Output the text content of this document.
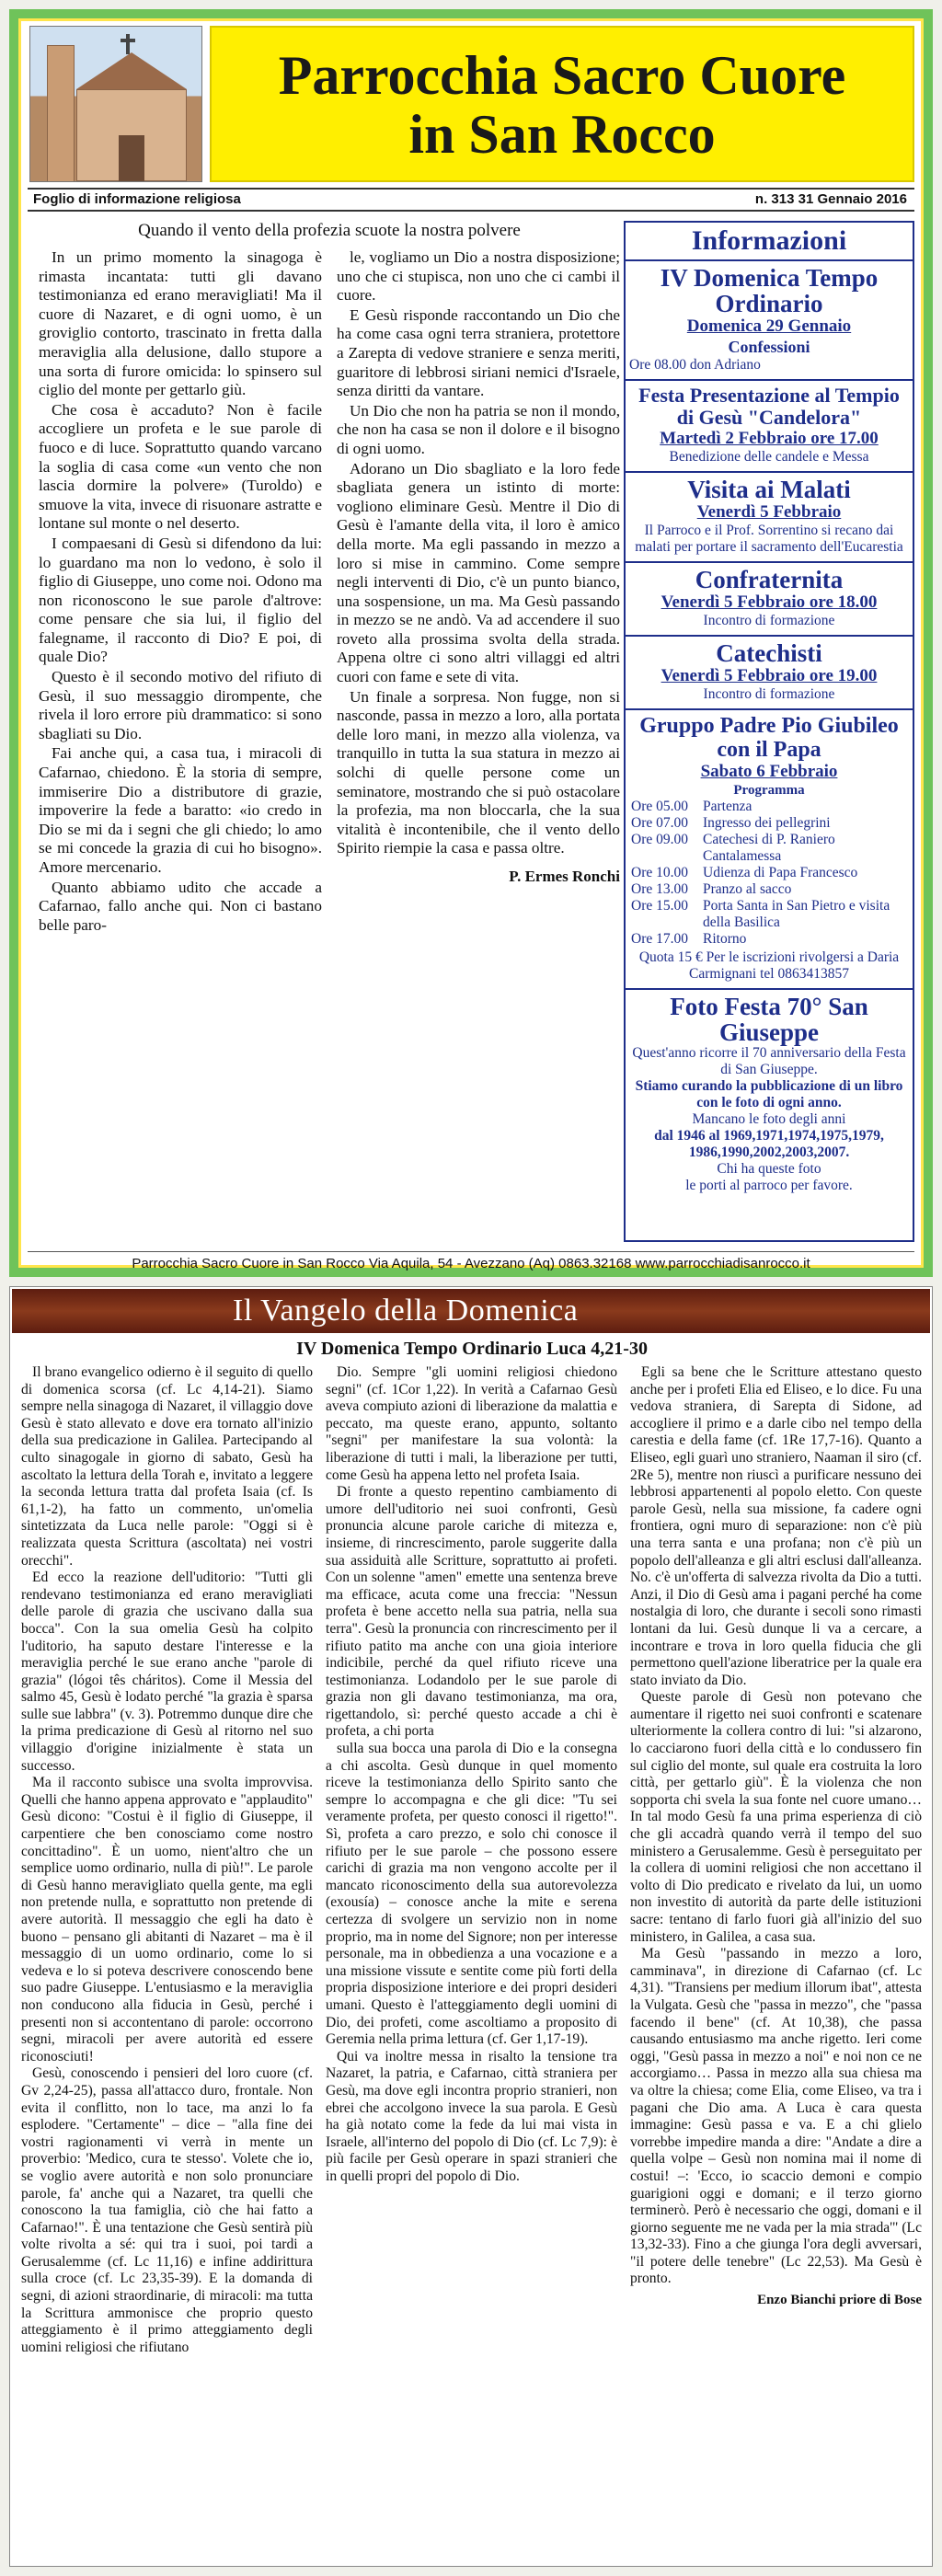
Parrocchia Sacro Cuore
in San Rocco
Foglio di informazione religiosa	n. 313 31 Gennaio 2016
Quando il vento della profezia scuote la nostra polvere

In un primo momento la sinagoga è rimasta incantata: tutti gli davano testimonianza ed erano meravigliati! Ma il cuore di Nazaret, e di ogni uomo, è un groviglio contorto, trascinato in fretta dalla meraviglia alla delusione, dallo stupore a una sorta di furore omicida: lo spinsero sul ciglio del monte per gettarlo giù.

Che cosa è accaduto? Non è facile accogliere un profeta e le sue parole di fuoco e di luce. Soprattutto quando varcano la soglia di casa come «un vento che non lascia dormire la polvere» (Turoldo) e smuove la vita, invece di risuonare astratte e lontane sul monte o nel deserto.

I compaesani di Gesù si difendono da lui: lo guardano ma non lo vedono, è solo il figlio di Giuseppe, uno come noi. Odono ma non riconoscono le sue parole d'altrove: come pensare che sia lui, il figlio del falegname, il racconto di Dio? E poi, di quale Dio?

Questo è il secondo motivo del rifiuto di Gesù, il suo messaggio dirompente, che rivela il loro errore più drammatico: si sono sbagliati su Dio.

Fai anche qui, a casa tua, i miracoli di Cafarnao, chiedono. È la storia di sempre, immiserire Dio a distributore di grazie, impoverire la fede a baratto: «io credo in Dio se mi da i segni che gli chiedo; lo amo se mi concede la grazia di cui ho bisogno». Amore mercenario.

Quanto abbiamo udito che accade a Cafarnao, fallo anche qui. Non ci bastano belle paro-

le, vogliamo un Dio a nostra disposizione; uno che ci stupisca, non uno che ci cambi il cuore.

E Gesù risponde raccontando un Dio che ha come casa ogni terra straniera, protettore a Zarepta di vedove straniere e senza meriti, guaritore di lebbrosi siriani nemici d'Israele, senza diritti da vantare.

Un Dio che non ha patria se non il mondo, che non ha casa se non il dolore e il bisogno di ogni uomo.

Adorano un Dio sbagliato e la loro fede sbagliata genera un istinto di morte: vogliono eliminare Gesù. Mentre il Dio di Gesù è l'amante della vita, il loro è amico della morte. Ma egli passando in mezzo a loro si mise in cammino. Come sempre negli interventi di Dio, c'è un punto bianco, una sospensione, un ma. Ma Gesù passando in mezzo se ne andò. Va ad accendere il suo roveto alla prossima svolta della strada. Appena oltre ci sono altri villaggi ed altri cuori con fame e sete di vita.

Un finale a sorpresa. Non fugge, non si nasconde, passa in mezzo a loro, alla portata delle loro mani, in mezzo alla violenza, va tranquillo in tutta la sua statura in mezzo ai solchi di quelle persone come un seminatore, mostrando che si può ostacolare la profezia, ma non bloccarla, che la sua vitalità è incontenibile, che il vento dello Spirito riempie la casa e passa oltre.

P. Ermes Ronchi
Informazioni
IV Domenica Tempo Ordinario
Domenica 29 Gennaio
Confessioni
Ore 08.00 don Adriano
Festa Presentazione al Tempio di Gesù "Candelora"
Martedì 2 Febbraio ore 17.00
Benedizione delle candele e Messa
Visita ai Malati
Venerdì 5 Febbraio
Il Parroco e il Prof. Sorrentino si recano dai malati per portare il sacramento dell'Eucarestia
Confraternita
Venerdì 5 Febbraio ore 18.00
Incontro di formazione
Catechisti
Venerdì 5 Febbraio ore 19.00
Incontro di formazione
Gruppo Padre Pio Giubileo con il Papa
Sabato 6 Febbraio
Programma
Ore 05.00	Partenza
Ore 07.00	Ingresso dei pellegrini
Ore 09.00	Catechesi di P. Raniero Cantalamessa
Ore 10.00	Udienza di Papa Francesco
Ore 13.00	Pranzo al sacco
Ore 15.00	Porta Santa in San Pietro e visita della Basilica
Ore 17.00	Ritorno
Quota 15 € Per le iscrizioni rivolgersi a Daria Carmignani tel 0863413857
Foto Festa 70° San Giuseppe
Quest'anno ricorre il 70 anniversario della Festa di San Giuseppe.
Stiamo curando la pubblicazione di un libro con le foto di ogni anno.
Mancano le foto degli anni
dal 1946 al 1969,1971,1974,1975,1979, 1986,1990,2002,2003,2007.
Chi ha queste foto
le porti al parroco per favore.
Parrocchia Sacro Cuore in San Rocco Via Aquila, 54 - Avezzano (Aq) 0863.32168 www.parrocchiadisanrocco.it
Il Vangelo della Domenica
IV Domenica Tempo Ordinario Luca 4,21-30

Il brano evangelico odierno è il seguito di quello di domenica scorsa (cf. Lc 4,14-21). Siamo sempre nella sinagoga di Nazaret, il villaggio dove Gesù è stato allevato e dove era tornato all'inizio della sua predicazione in Galilea. Partecipando al culto sinagogale in giorno di sabato, Gesù ha ascoltato la lettura della Torah e, invitato a leggere la seconda lettura tratta dal profeta Isaia (cf. Is 61,1-2), ha fatto un commento, un'omelia sintetizzata da Luca nelle parole: "Oggi si è realizzata questa Scrittura (ascoltata) nei vostri orecchi".

Ed ecco la reazione dell'uditorio: "Tutti gli rendevano testimonianza ed erano meravigliati delle parole di grazia che uscivano dalla sua bocca". Con la sua omelia Gesù ha colpito l'uditorio, ha saputo destare l'interesse e la meraviglia perché le sue erano anche "parole di grazia" (lógoi tês cháritos). Come il Messia del salmo 45, Gesù è lodato perché "la grazia è sparsa sulle sue labbra" (v. 3). Potremmo dunque dire che la prima predicazione di Gesù al ritorno nel suo villaggio d'origine inizialmente è stata un successo.

Ma il racconto subisce una svolta improvvisa. Quelli che hanno appena approvato e "applaudito" Gesù dicono: "Costui è il figlio di Giuseppe, il carpentiere che ben conosciamo come nostro concittadino". È un uomo, nient'altro che un semplice uomo ordinario, nulla di più!". Le parole di Gesù hanno meravigliato quella gente, ma egli non pretende nulla, e soprattutto non pretende di avere autorità. Il messaggio che egli ha dato è buono – pensano gli abitanti di Nazaret – ma è il messaggio di un uomo ordinario, come lo si vedeva e lo si poteva descrivere conoscendo bene suo padre Giuseppe. L'entusiasmo e la meraviglia non conducono alla fiducia in Gesù, perché i presenti non si accontentano di parole: occorrono segni, miracoli per avere autorità ed essere riconosciuti!

Gesù, conoscendo i pensieri del loro cuore (cf. Gv 2,24-25), passa all'attacco duro, frontale. Non evita il conflitto, non lo tace, ma anzi lo fa esplodere. "Certamente" – dice – "alla fine dei vostri ragionamenti vi verrà in mente un proverbio: 'Medico, cura te stesso'. Volete che io, se voglio avere autorità e non solo pronunciare parole, fa' anche qui a Nazaret, tra quelli che conoscono la tua famiglia, ciò che hai fatto a Cafarnao!". È una tentazione che Gesù sentirà più volte rivolta a sé: qui tra i suoi, poi tardi a Gerusalemme (cf. Lc 11,16) e infine addirittura sulla croce (cf. Lc 23,35-39). E la domanda di segni, di azioni straordinarie, di miracoli: ma tutta la Scrittura ammonisce che proprio questo atteggiamento è il primo atteggiamento degli uomini religiosi che rifiutano

Dio. Sempre "gli uomini religiosi chiedono segni" (cf. 1Cor 1,22). In verità a Cafarnao Gesù aveva compiuto azioni di liberazione da malattia e peccato, ma queste erano, appunto, soltanto "segni" per manifestare la sua volontà: la liberazione di tutti i mali, la liberazione per tutti, come Gesù ha appena letto nel profeta Isaia.

Di fronte a questo repentino cambiamento di umore dell'uditorio nei suoi confronti, Gesù pronuncia alcune parole cariche di mitezza e, insieme, di rincrescimento, parole suggerite dalla sua assiduità alle Scritture, soprattutto ai profeti. Con un solenne "amen" emette una sentenza breve ma efficace, acuta come una freccia: "Nessun profeta è bene accetto nella sua patria, nella sua terra". Gesù la pronuncia con rincrescimento per il rifiuto patito ma anche con una gioia interiore indicibile, perché da quel rifiuto riceve una testimonianza. Lodandolo per le sue parole di grazia non gli davano testimonianza, ma ora, rigettandolo, sì: perché questo accade a chi è profeta, a chi porta

sulla sua bocca una parola di Dio e la consegna a chi ascolta. Gesù dunque in quel momento riceve la testimonianza dello Spirito santo che sempre lo accompagna e che gli dice: "Tu sei veramente profeta, per questo conosci il rigetto!". Sì, profeta a caro prezzo, e solo chi conosce il rifiuto per le sue parole – che possono essere carichi di grazia ma non vengono accolte per il mancato riconoscimento della sua autorevolezza (exousía) – conosce anche la mite e serena certezza di svolgere un servizio non in nome proprio, ma in nome del Signore; non per interesse personale, ma in obbedienza a una vocazione e a una missione vissute e sentite come più forti della propria disposizione interiore e dei propri desideri umani. Questo è l'atteggiamento degli uomini di Dio, dei profeti, come ascoltiamo a proposito di Geremia nella prima lettura (cf. Ger 1,17-19).

Qui va inoltre messa in risalto la tensione tra Nazaret, la patria, e Cafarnao, città straniera per Gesù, ma dove egli incontra proprio stranieri, non ebrei che accolgono invece la sua parola. E Gesù ha già notato come la fede da lui mai vista in Israele, all'interno del popolo di Dio (cf. Lc 7,9): è più facile per Gesù operare in spazi stranieri che in quelli propri del popolo di Dio.

Egli sa bene che le Scritture attestano questo anche per i profeti Elia ed Eliseo, e lo dice. Fu una vedova straniera, di Sarepta di Sidone, ad accogliere il primo e a darle cibo nel tempo della carestia e della fame (cf. 1Re 17,7-16). Quanto a Eliseo, egli guarì uno straniero, Naaman il siro (cf. 2Re 5), mentre non riuscì a purificare nessuno dei lebbrosi appartenenti al popolo eletto. Con queste parole Gesù, nella sua missione, fa cadere ogni frontiera, ogni muro di separazione: non c'è più una terra santa e una profana; non c'è più un popolo dell'alleanza e gli altri esclusi dall'alleanza. No. c'è un'offerta di salvezza rivolta da Dio a tutti. Anzi, il Dio di Gesù ama i pagani perché ha come nostalgia di loro, che durante i secoli sono rimasti lontani da lui. Gesù dunque li va a cercare, a incontrare e trova in loro quella fiducia che gli permettono quell'azione liberatrice per la quale era stato inviato da Dio.

Queste parole di Gesù non potevano che aumentare il rigetto nei suoi confronti e scatenare ulteriormente la collera contro di lui: "si alzarono, lo cacciarono fuori della città e lo condussero fin sul ciglio del monte, sul quale era costruita la loro città, per gettarlo giù". È la violenza che non sopporta chi svela la sua fonte nel cuore umano… In tal modo Gesù fa una prima esperienza di ciò che gli accadrà quando verrà il tempo del suo ministero a Gerusalemme. Gesù è perseguitato per la collera di uomini religiosi che non accettano il volto di Dio predicato e rivelato da lui, un uomo non investito di autorità da parte delle istituzioni sacre: tentano di farlo fuori già all'inizio del suo ministero, in Galilea, a casa sua.

Ma Gesù "passando in mezzo a loro, camminava", in direzione di Cafarnao (cf. Lc 4,31). "Transiens per medium illorum ibat", attesta la Vulgata. Gesù che "passa in mezzo", che "passa facendo il bene" (cf. At 10,38), che passa causando entusiasmo ma anche rigetto. Ieri come oggi, "Gesù passa in mezzo a noi" e noi non ce ne accorgiamo… Passa in mezzo alla sua chiesa ma va oltre la chiesa; come Elia, come Eliseo, va tra i pagani che Dio ama. A Luca è cara questa immagine: Gesù passa e va. E a chi glielo vorrebbe impedire manda a dire: "Andate a dire a quella volpe – Gesù non nomina mai il nome di costui! –: 'Ecco, io scaccio demoni e compio guarigioni oggi e domani; e il terzo giorno terminerò. Però è necessario che oggi, domani e il giorno seguente me ne vada per la mia strada'" (Lc 13,32-33). Fino a che giunga l'ora degli avversari, "il potere delle tenebre" (Lc 22,53). Ma Gesù è pronto.

Enzo Bianchi priore di Bose
